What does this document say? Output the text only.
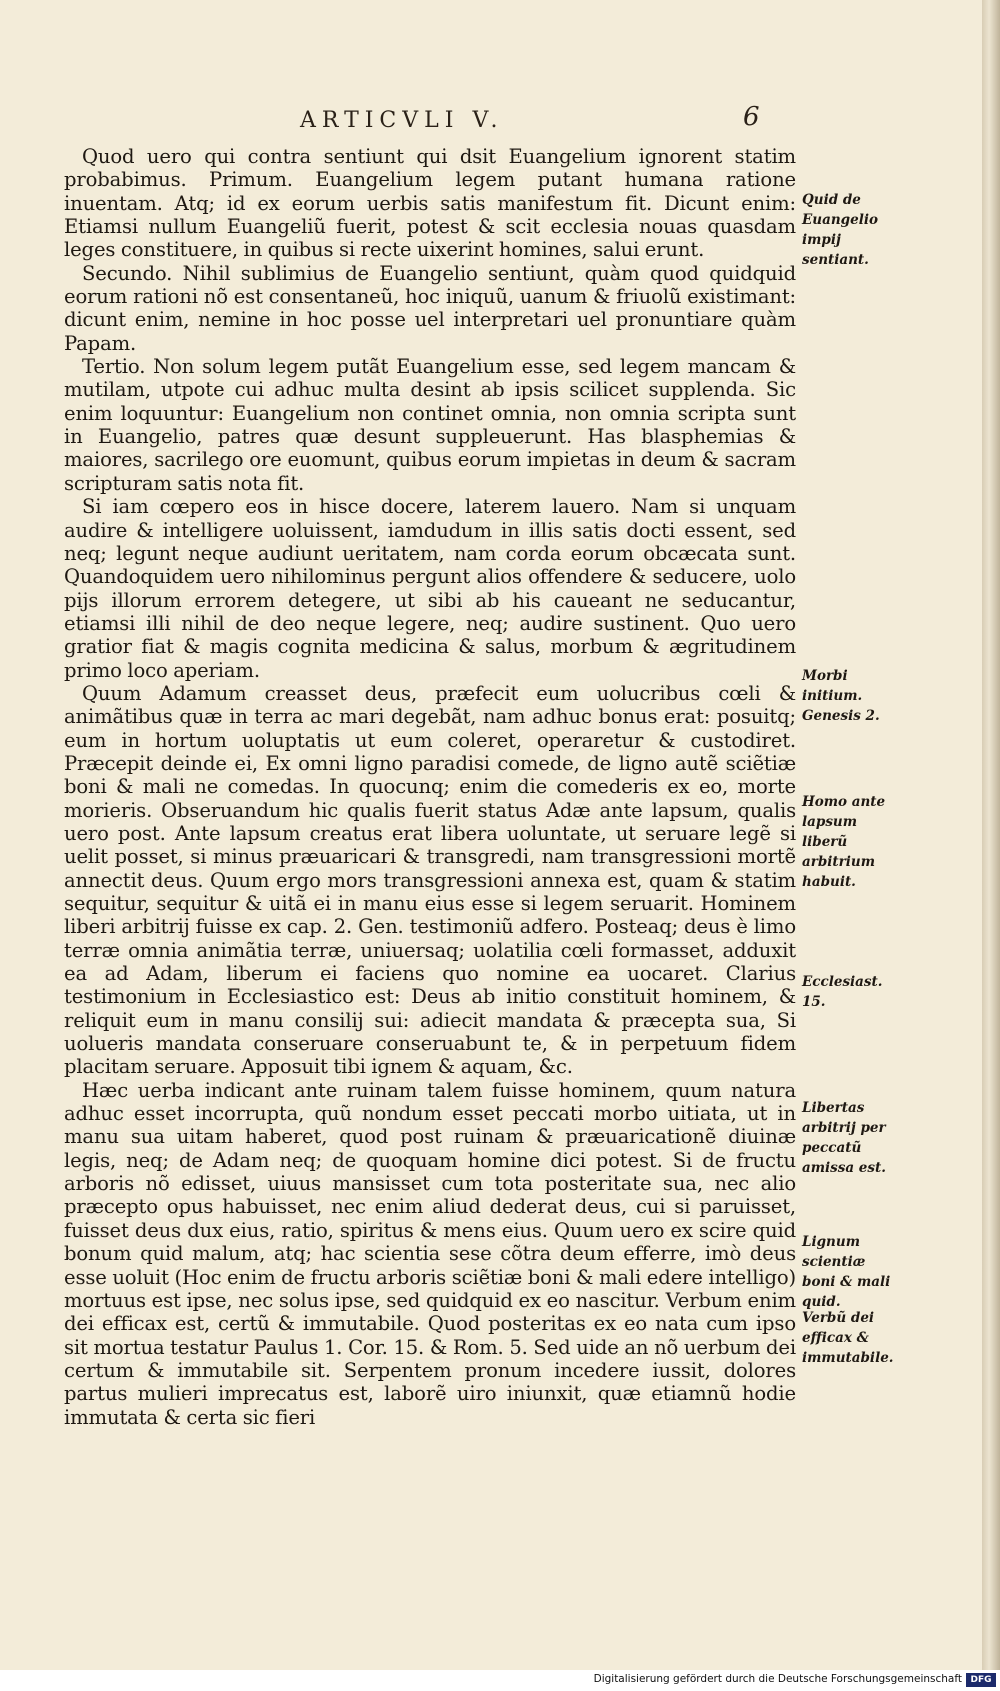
ARTICVLI V.	6

Quod uero qui contra sentiunt qui dsit Euangelium ignorent statim probabimus. Primum. Euangelium legem putant humana ratione inuentam. Atq; id ex eorum uerbis satis manifestum fit. Dicunt enim: Etiamsi nullum Euangeliũ fuerit, potest & scit ecclesia nouas quasdam leges constituere, in quibus si recte uixerint homines, salui erunt.

Secundo. Nihil sublimius de Euangelio sentiunt, quàm quod quidquid eorum rationi nõ est consentaneũ, hoc iniquũ, uanum & friuolũ existimant: dicunt enim, nemine in hoc posse uel interpretari uel pronuntiare quàm Papam.

Tertio. Non solum legem putãt Euangelium esse, sed legem mancam & mutilam, utpote cui adhuc multa desint ab ipsis scilicet supplenda. Sic enim loquuntur: Euangelium non continet omnia, non omnia scripta sunt in Euangelio, patres quæ desunt suppleuerunt. Has blasphemias & maiores, sacrilego ore euomunt, quibus eorum impietas in deum & sacram scripturam satis nota fit.

Si iam cœpero eos in hisce docere, laterem lauero. Nam si unquam audire & intelligere uoluissent, iamdudum in illis satis docti essent, sed neq; legunt neque audiunt ueritatem, nam corda eorum obcæcata sunt. Quandoquidem uero nihilominus pergunt alios offendere & seducere, uolo pijs illorum errorem detegere, ut sibi ab his caueant ne seducantur, etiamsi illi nihil de deo neque legere, neq; audire sustinent. Quo uero gratior fiat & magis cognita medicina & salus, morbum & ægritudinem primo loco aperiam.

Quum Adamum creasset deus, præfecit eum uolucribus cœli & animãtibus quæ in terra ac mari degebãt, nam adhuc bonus erat: posuitq; eum in hortum uoluptatis ut eum coleret, operaretur & custodiret. Præcepit deinde ei, Ex omni ligno paradisi comede, de ligno autẽ sciẽtiæ boni & mali ne comedas. In quocunq; enim die comederis ex eo, morte morieris. Obseruandum hic qualis fuerit status Adæ ante lapsum, qualis uero post. Ante lapsum creatus erat libera uoluntate, ut seruare legẽ si uelit posset, si minus præuaricari & transgredi, nam transgressioni mortẽ annectit deus. Quum ergo mors transgressioni annexa est, quam & statim sequitur, sequitur & uitã ei in manu eius esse si legem seruarit. Hominem liberi arbitrij fuisse ex cap. 2. Gen. testimoniũ adfero. Posteaq; deus è limo terræ omnia animãtia terræ, uniuersaq; uolatilia cœli formasset, adduxit ea ad Adam, liberum ei faciens quo nomine ea uocaret. Clarius testimonium in Ecclesiastico est: Deus ab initio constituit hominem, & reliquit eum in manu consilij sui: adiecit mandata & præcepta sua, Si uolueris mandata conseruare conseruabunt te, & in perpetuum fidem placitam seruare. Apposuit tibi ignem & aquam, &c.

Hæc uerba indicant ante ruinam talem fuisse hominem, quum natura adhuc esset incorrupta, quũ nondum esset peccati morbo uitiata, ut in manu sua uitam haberet, quod post ruinam & præuaricationẽ diuinæ legis, neq; de Adam neq; de quoquam homine dici potest. Si de fructu arboris nõ edisset, uiuus mansisset cum tota posteritate sua, nec alio præcepto opus habuisset, nec enim aliud dederat deus, cui si paruisset, fuisset deus dux eius, ratio, spiritus & mens eius. Quum uero ex scire quid bonum quid malum, atq; hac scientia sese cõtra deum efferre, imò deus esse uoluit (Hoc enim de fructu arboris sciẽtiæ boni & mali edere intelligo) mortuus est ipse, nec solus ipse, sed quidquid ex eo nascitur. Verbum enim dei efficax est, certũ & immutabile. Quod posteritas ex eo nata cum ipso sit mortua testatur Paulus 1. Cor. 15. & Rom. 5. Sed uide an nõ uerbum dei certum & immutabile sit. Serpentem pronum incedere iussit, dolores partus mulieri imprecatus est, laborẽ uiro iniunxit, quæ etiamnũ hodie immutata & certa sic fieri

Quid de Euangelio impij sentiant.

Morbi initium. Genesis 2.

Homo ante lapsum liberũ arbitrium habuit.

Ecclesiast. 15.

Libertas arbitrij per peccatũ amissa est.

Lignum scientiæ boni & mali quid.

Verbũ dei efficax & immutabile.

Digitalisierung gefördert durch die Deutsche Forschungsgemeinschaft DFG
